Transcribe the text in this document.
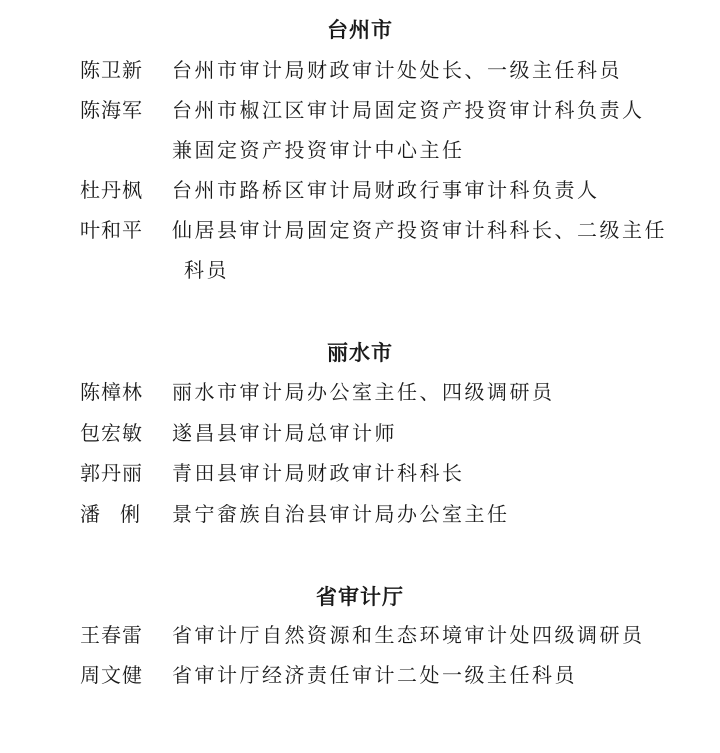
台州市
陈卫新	台州市审计局财政审计处处长、一级主任科员
陈海军	台州市椒江区审计局固定资产投资审计科负责人
兼固定资产投资审计中心主任
杜丹枫	台州市路桥区审计局财政行事审计科负责人
叶和平	仙居县审计局固定资产投资审计科科长、二级主任
科员
丽水市
陈樟林	丽水市审计局办公室主任、四级调研员
包宏敏	遂昌县审计局总审计师
郭丹丽	青田县审计局财政审计科科长
潘　俐	景宁畲族自治县审计局办公室主任
省审计厅
王春雷	省审计厅自然资源和生态环境审计处四级调研员
周文健	省审计厅经济责任审计二处一级主任科员
